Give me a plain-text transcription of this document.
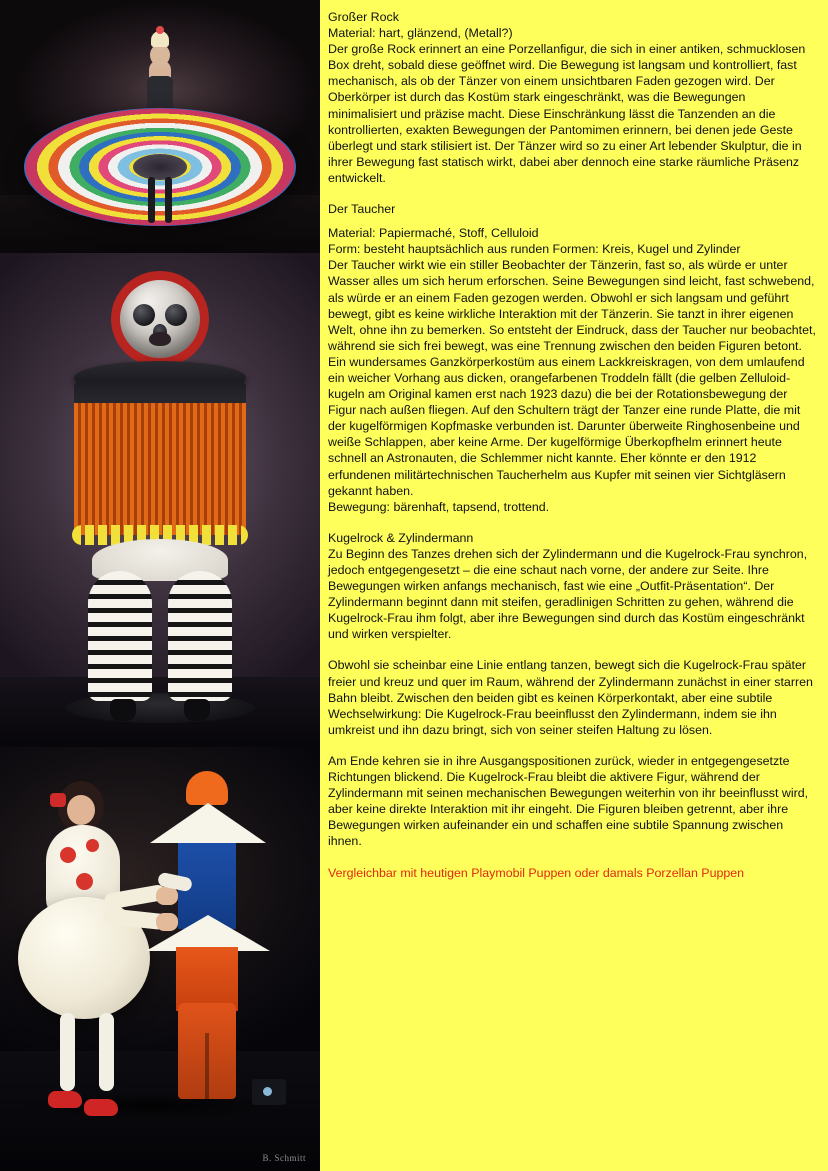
B. Schmitt

Großer Rock

Material: hart, glänzend, (Metall?)

Der große Rock erinnert an eine Porzellanfigur, die sich in einer antiken, schmucklosen Box dreht, sobald diese geöffnet wird. Die Bewegung ist langsam und kontrolliert, fast mechanisch, als ob der Tänzer von einem unsichtbaren Faden gezogen wird. Der Oberkörper ist durch das Kostüm stark eingeschränkt, was die Bewegungen minimalisiert und präzise macht. Diese Einschränkung lässt die Tanzenden an die kontrollierten, exakten Bewegungen der Pantomimen erinnern, bei denen jede Geste überlegt und stark stilisiert ist. Der Tänzer wird so zu einer Art lebender Skulptur, die in ihrer Bewegung fast statisch wirkt, dabei aber dennoch eine starke räumliche Präsenz entwickelt.

Der Taucher

Material: Papiermaché, Stoff, Celluloid

Form: besteht hauptsächlich aus runden Formen: Kreis, Kugel und Zylinder

Der Taucher wirkt wie ein stiller Beobachter der Tänzerin, fast so, als würde er unter Wasser alles um sich herum erforschen. Seine Bewegungen sind leicht, fast schwebend, als würde er an einem Faden gezogen werden. Obwohl er sich langsam und geführt bewegt, gibt es keine wirkliche Interaktion mit der Tänzerin. Sie tanzt in ihrer eigenen Welt, ohne ihn zu bemerken. So entsteht der Eindruck, dass der Taucher nur beobachtet, während sie sich frei bewegt, was eine Trennung zwischen den beiden Figuren betont.

Ein wundersames Ganzkörperkostüm aus einem Lackkreiskragen, von dem umlaufend ein weicher Vorhang aus dicken, orangefarbenen Troddeln fällt (die gelben Zelluloid-kugeln am Original kamen erst nach 1923 dazu) die bei der Rotationsbewegung der Figur nach außen fliegen. Auf den Schultern trägt der Tanzer eine runde Platte, die mit der kugelförmigen Kopfmaske verbunden ist. Darunter überweite Ringhosenbeine und weiße Schlappen, aber keine Arme. Der kugelförmige Überkopfhelm erinnert heute schnell an Astronauten, die Schlemmer nicht kannte. Eher könnte er den 1912 erfundenen militärtechnischen Taucherhelm aus Kupfer mit seinen vier Sichtgläsern gekannt haben.

Bewegung: bärenhaft, tapsend, trottend.

Kugelrock & Zylindermann

Zu Beginn des Tanzes drehen sich der Zylindermann und die Kugelrock-Frau synchron, jedoch entgegengesetzt – die eine schaut nach vorne, der andere zur Seite. Ihre Bewegungen wirken anfangs mechanisch, fast wie eine „Outfit-Präsentation“. Der Zylindermann beginnt dann mit steifen, geradlinigen Schritten zu gehen, während die Kugelrock-Frau ihm folgt, aber ihre Bewegungen sind durch das Kostüm eingeschränkt und wirken verspielter.

Obwohl sie scheinbar eine Linie entlang tanzen, bewegt sich die Kugelrock-Frau später freier und kreuz und quer im Raum, während der Zylindermann zunächst in einer starren Bahn bleibt. Zwischen den beiden gibt es keinen Körperkontakt, aber eine subtile Wechselwirkung: Die Kugelrock-Frau beeinflusst den Zylindermann, indem sie ihn umkreist und ihn dazu bringt, sich von seiner steifen Haltung zu lösen.

Am Ende kehren sie in ihre Ausgangspositionen zurück, wieder in entgegengesetzte Richtungen blickend. Die Kugelrock-Frau bleibt die aktivere Figur, während der Zylindermann mit seinen mechanischen Bewegungen weiterhin von ihr beeinflusst wird, aber keine direkte Interaktion mit ihr eingeht. Die Figuren bleiben getrennt, aber ihre Bewegungen wirken aufeinander ein und schaffen eine subtile Spannung zwischen ihnen.

Vergleichbar mit heutigen Playmobil Puppen oder damals Porzellan Puppen
